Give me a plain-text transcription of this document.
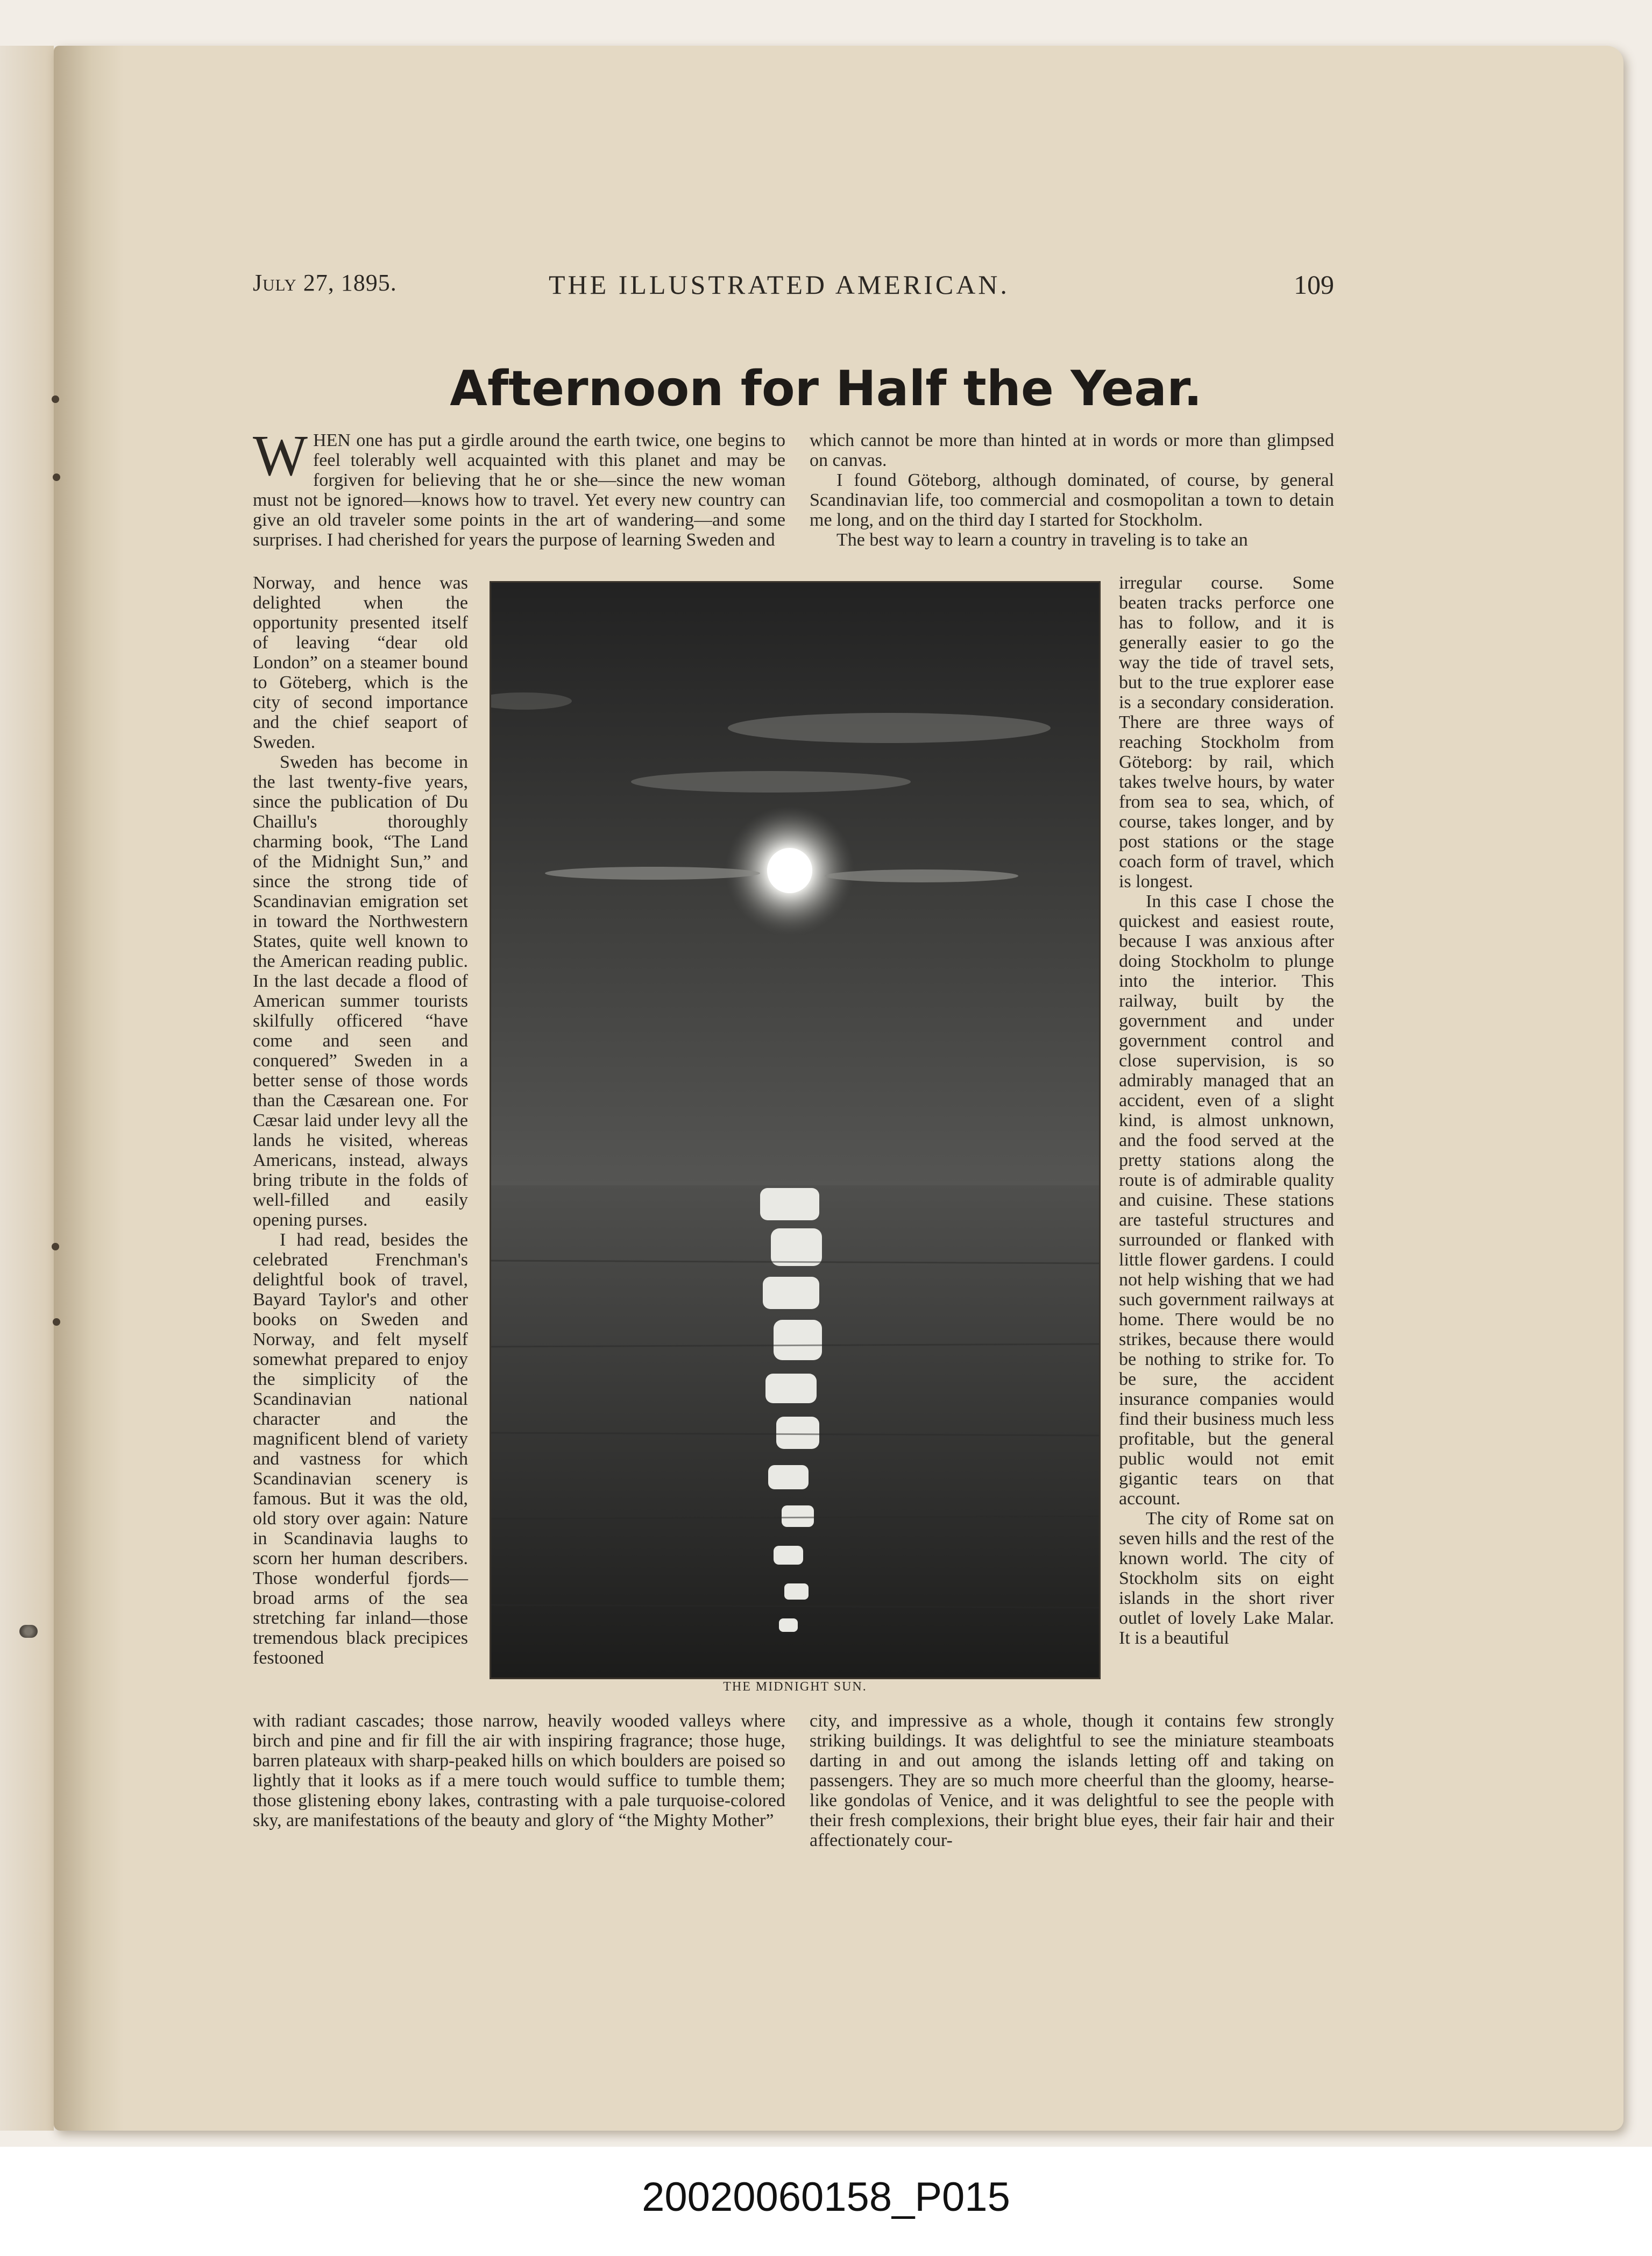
July 27, 1895.	THE ILLUSTRATED AMERICAN.	109
Afternoon for Half the Year.

WHEN one has put a girdle around the earth twice, one begins to feel tolerably well acquainted with this planet and may be forgiven for believing that he or she—since the new woman must not be ignored—knows how to travel. Yet every new country can give an old traveler some points in the art of wandering—and some surprises. I had cherished for years the purpose of learning Sweden and

Norway, and hence was delighted when the opportunity presented itself of leaving “dear old London” on a steamer bound to Göteberg, which is the city of second importance and the chief seaport of Sweden.

Sweden has become in the last twenty-five years, since the publication of Du Chaillu's thoroughly charming book, “The Land of the Midnight Sun,” and since the strong tide of Scandinavian emigration set in toward the Northwestern States, quite well known to the American reading public. In the last decade a flood of American summer tourists skilfully officered “have come and seen and conquered” Sweden in a better sense of those words than the Cæsarean one. For Cæsar laid under levy all the lands he visited, whereas Americans, instead, always bring tribute in the folds of well-filled and easily opening purses.

I had read, besides the celebrated Frenchman's delightful book of travel, Bayard Taylor's and other books on Sweden and Norway, and felt myself somewhat prepared to enjoy the simplicity of the Scandinavian national character and the magnificent blend of variety and vastness for which Scandinavian scenery is famous. But it was the old, old story over again: Nature in Scandinavia laughs to scorn her human describers. Those wonderful fjords—broad arms of the sea stretching far inland—those tremendous black precipices festooned

which cannot be more than hinted at in words or more than glimpsed on canvas.

I found Göteborg, although dominated, of course, by general Scandinavian life, too commercial and cosmopolitan a town to detain me long, and on the third day I started for Stockholm.

The best way to learn a country in traveling is to take an

irregular course. Some beaten tracks perforce one has to follow, and it is generally easier to go the way the tide of travel sets, but to the true explorer ease is a secondary consideration. There are three ways of reaching Stockholm from Göteborg: by rail, which takes twelve hours, by water from sea to sea, which, of course, takes longer, and by post stations or the stage coach form of travel, which is longest.

In this case I chose the quickest and easiest route, because I was anxious after doing Stockholm to plunge into the interior. This railway, built by the government and under government control and close supervision, is so admirably managed that an accident, even of a slight kind, is almost unknown, and the food served at the pretty stations along the route is of admirable quality and cuisine. These stations are tasteful structures and surrounded or flanked with little flower gardens. I could not help wishing that we had such government railways at home. There would be no strikes, because there would be nothing to strike for. To be sure, the accident insurance companies would find their business much less profitable, but the general public would not emit gigantic tears on that account.

The city of Rome sat on seven hills and the rest of the known world. The city of Stockholm sits on eight islands in the short river outlet of lovely Lake Malar. It is a beautiful

THE MIDNIGHT SUN.

with radiant cascades; those narrow, heavily wooded valleys where birch and pine and fir fill the air with inspiring fragrance; those huge, barren plateaux with sharp-peaked hills on which boulders are poised so lightly that it looks as if a mere touch would suffice to tumble them; those glistening ebony lakes, contrasting with a pale turquoise-colored sky, are manifestations of the beauty and glory of “the Mighty Mother”

city, and impressive as a whole, though it contains few strongly striking buildings. It was delightful to see the miniature steamboats darting in and out among the islands letting off and taking on passengers. They are so much more cheerful than the gloomy, hearse-like gondolas of Venice, and it was delightful to see the people with their fresh complexions, their bright blue eyes, their fair hair and their affectionately cour-

20020060158_P015
